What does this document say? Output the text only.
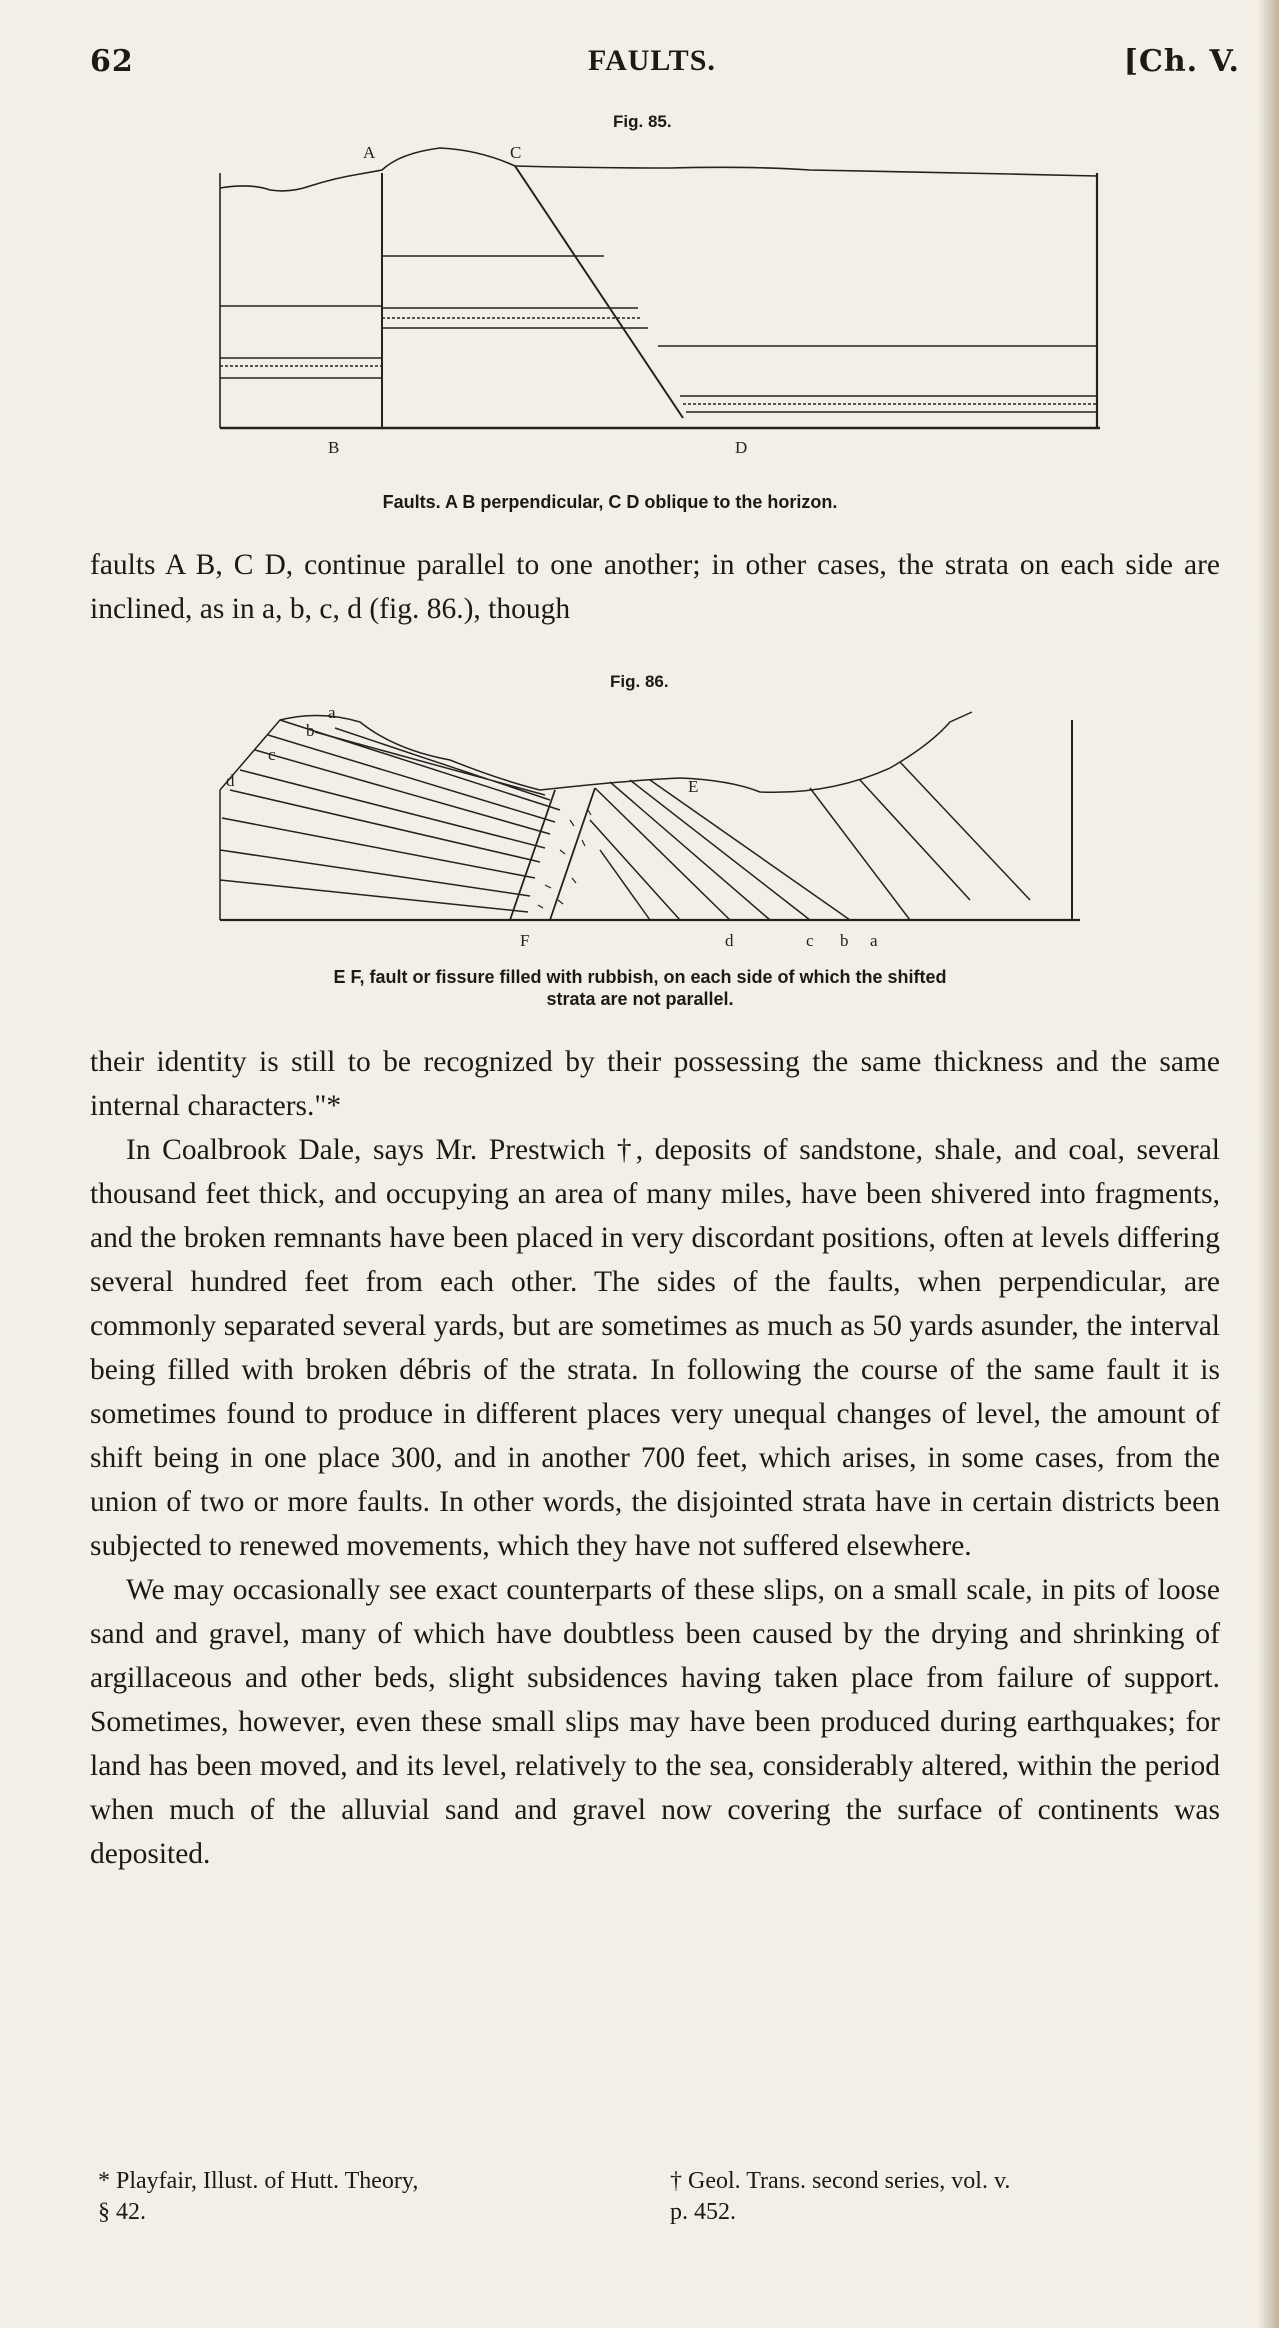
62	FAULTS.	[Ch. V.
Fig. 85.
A	C
B	D
Faults. A B perpendicular, C D oblique to the horizon.

faults A B, C D, continue parallel to one another; in other cases, the strata on each side are inclined, as in a, b, c, d (fig. 86.), though

Fig. 86.
a
b
c
d	E
F	d	c b a
E F, fault or fissure filled with rubbish, on each side of which the shifted
strata are not parallel.

their identity is still to be recognized by their possessing the same thickness and the same internal characters."*

In Coalbrook Dale, says Mr. Prestwich †, deposits of sandstone, shale, and coal, several thousand feet thick, and occupying an area of many miles, have been shivered into fragments, and the broken remnants have been placed in very discordant positions, often at levels differing several hundred feet from each other. The sides of the faults, when perpendicular, are commonly separated several yards, but are sometimes as much as 50 yards asunder, the interval being filled with broken débris of the strata. In following the course of the same fault it is sometimes found to produce in different places very unequal changes of level, the amount of shift being in one place 300, and in another 700 feet, which arises, in some cases, from the union of two or more faults. In other words, the disjointed strata have in certain districts been subjected to renewed movements, which they have not suffered elsewhere.

We may occasionally see exact counterparts of these slips, on a small scale, in pits of loose sand and gravel, many of which have doubtless been caused by the drying and shrinking of argillaceous and other beds, slight subsidences having taken place from failure of support. Sometimes, however, even these small slips may have been produced during earthquakes; for land has been moved, and its level, relatively to the sea, considerably altered, within the period when much of the alluvial sand and gravel now covering the surface of continents was deposited.

* Playfair, Illust. of Hutt. Theory,
§ 42.
† Geol. Trans. second series, vol. v.
p. 452.
